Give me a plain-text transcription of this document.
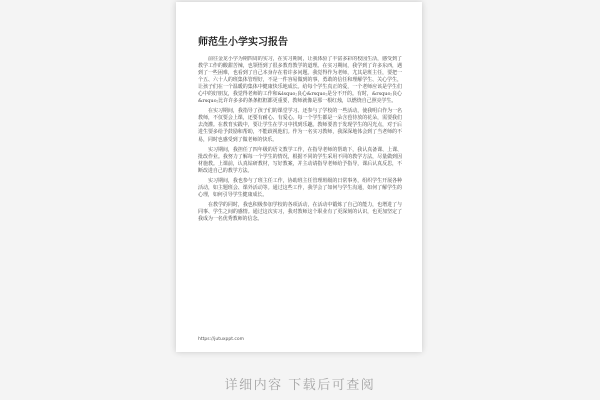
师范生小学实习报告

前往金龙小学为期四周的实习，在实习期间，让我体验了丰富多彩的校园生活，感受到了教学工作的酸甜苦辣，也领悟到了很多教育教学的道理。在实习期间，我学到了许多东西，遇到了一些困难，也看到了自己本身存在着许多问题。我觉得作为老师，尤其是班主任，要把一个五、六十人的班集体管理好，不是一件容易做到的事，勇敢的信任和理解学生、关心学生，让孩子们在一个温暖的集体中健康快乐地成长。给每个学生真正的爱，一个老师应该是学生们心中的好朋友，我觉得老师的工作和&lsquo;良心&rsquo;是分不开的。有时，&rsquo;良心&rsquo;比许许多多的条条框框都更重要，教师就像是那一根红烛，以燃烧自己照亮学生。

在实习期间，我指导了孩子们的课堂学习、还参与了学校的一些活动，使我明白作为一名教师，不仅要会上课，还要有耐心、有爱心。每一个学生都是一朵含苞待放的花朵，需要我们去浇灌。在教育实践中，要让学生在学习中找到乐趣。教师要善于发现学生的闪光点，对于后进生要多给予鼓励和帮助，不能歧视他们。作为一名实习教师，我深深地体会到了当老师的不易，同时也感受到了做老师的快乐。

实习期间，我担任了四年级的语文教学工作，在指导老师的帮助下，我认真备课、上课、批改作业。我努力了解每一个学生的情况，根据不同的学生采用不同的教学方法，尽量做到因材施教。上课前，认真钻研教材，写好教案，并主动请指导老师给予指导，课后认真反思，不断改进自己的教学方法。

实习期间，我也参与了班主任工作，协助班主任管理班级的日常事务，组织学生开展各种活动，如主题班会、课外活动等。通过这些工作，我学会了如何与学生沟通，如何了解学生的心理，如何引导学生健康成长。

在教学的同时，我也积极参加学校的各项活动，在活动中锻炼了自己的能力，也增进了与同事、学生之间的感情。通过这次实习，我对教师这个职业有了更深刻的认识，也更加坚定了我成为一名优秀教师的信念。

https://jutuxppt.com
详细内容 下载后可查阅
